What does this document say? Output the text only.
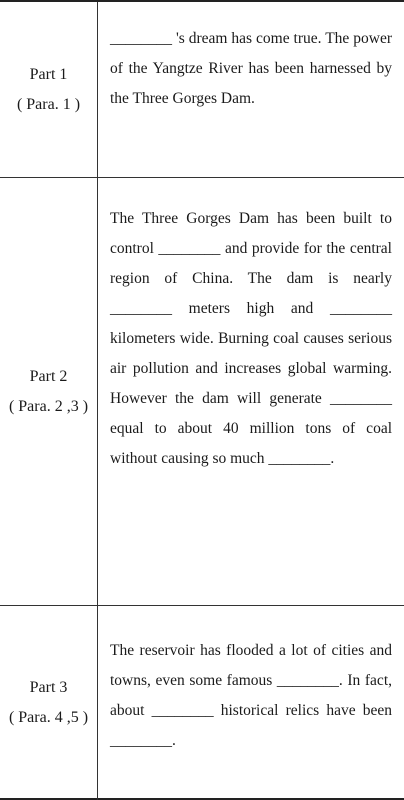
Part 1
( Para. 1 )
________ 's dream has come true. The power of the Yangtze River has been harnessed by the Three Gorges Dam.
Part 2
( Para. 2 ,3 )
The Three Gorges Dam has been built to control ________ and provide for the central region of China. The dam is nearly ________ meters high and ________ kilometers wide. Burning coal causes serious air pollution and increases global warming. However the dam will generate ________ equal to about 40 million tons of coal without causing so much ________.
Part 3
( Para. 4 ,5 )
The reservoir has flooded a lot of cities and towns, even some famous ________. In fact, about ________ historical relics have been ________.
